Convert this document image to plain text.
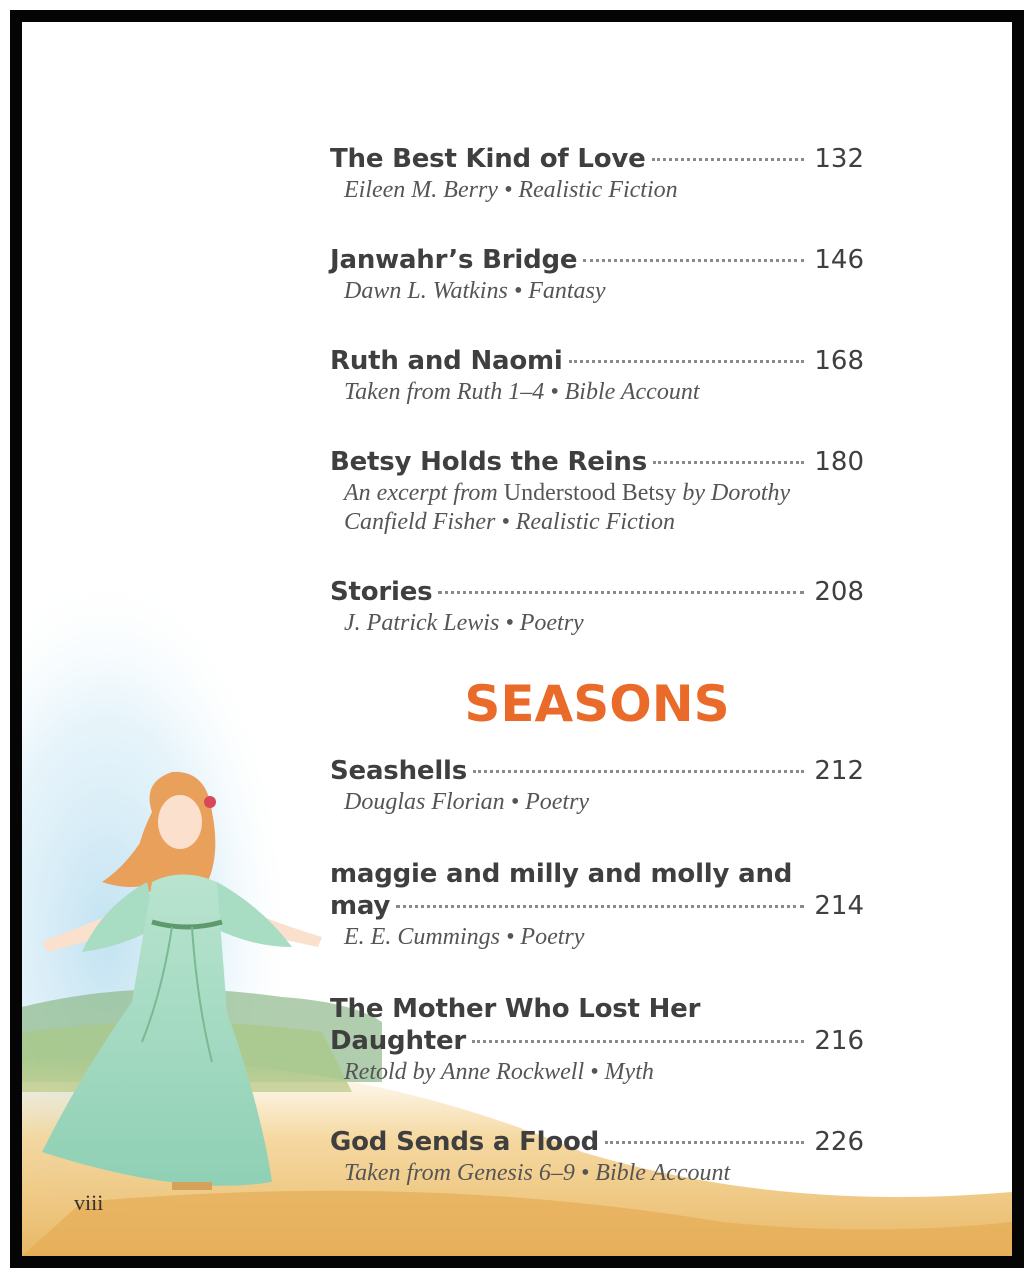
The Best Kind of Love	132
Eileen M. Berry • Realistic Fiction
Janwahr’s Bridge	146
Dawn L. Watkins • Fantasy
Ruth and Naomi	168
Taken from Ruth 1–4 • Bible Account
Betsy Holds the Reins	180
An excerpt from Understood Betsy by Dorothy
Canfield Fisher • Realistic Fiction
Stories	208
J. Patrick Lewis • Poetry
SEASONS
Seashells	212
Douglas Florian • Poetry
maggie and milly and molly and
may	214
E. E. Cummings • Poetry
The Mother Who Lost Her
Daughter	216
Retold by Anne Rockwell • Myth
God Sends a Flood	226
Taken from Genesis 6–9 • Bible Account
viii
